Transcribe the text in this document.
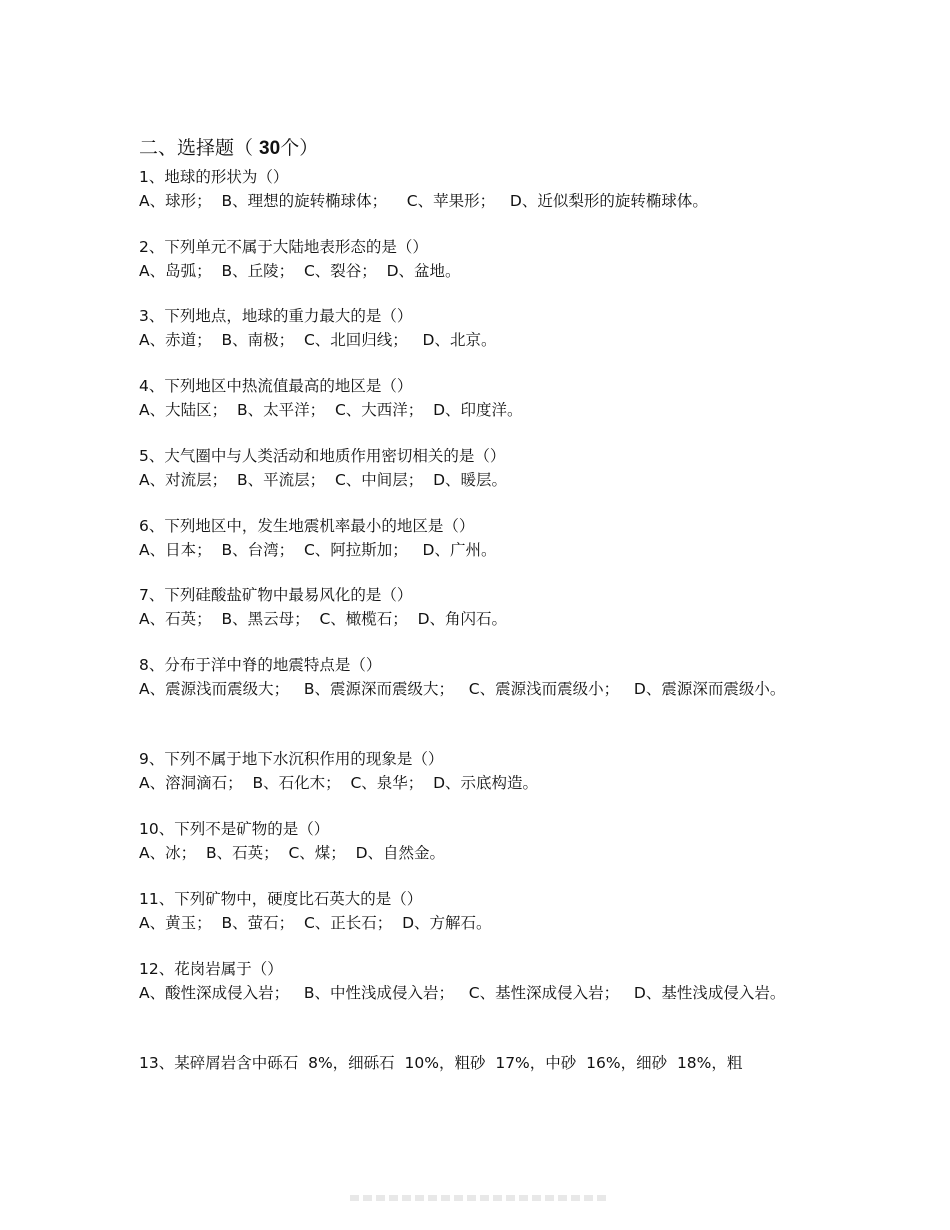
二、选择题（ 30个）
1、地球的形状为（）
A、球形；  B、理想的旋转椭球体；    C、苹果形；   D、近似梨形的旋转椭球体。
2、下列单元不属于大陆地表形态的是（）
A、岛弧；  B、丘陵；  C、裂谷；  D、盆地。
3、下列地点，地球的重力最大的是（）
A、赤道；  B、南极；  C、北回归线；   D、北京。
4、下列地区中热流值最高的地区是（）
A、大陆区；  B、太平洋；  C、大西洋；  D、印度洋。
5、大气圈中与人类活动和地质作用密切相关的是（）
A、对流层；  B、平流层；  C、中间层；  D、暖层。
6、下列地区中，发生地震机率最小的地区是（）
A、日本；  B、台湾；  C、阿拉斯加；   D、广州。
7、下列硅酸盐矿物中最易风化的是（）
A、石英；  B、黑云母；  C、橄榄石；  D、角闪石。
8、分布于洋中脊的地震特点是（）
A、震源浅而震级大；   B、震源深而震级大；   C、震源浅而震级小；   D、震源深而震级小。
9、下列不属于地下水沉积作用的现象是（）
A、溶洞滴石；  B、石化木；  C、泉华；  D、示底构造。
10、下列不是矿物的是（）
A、冰；  B、石英；  C、煤；  D、自然金。
11、下列矿物中，硬度比石英大的是（）
A、黄玉；  B、萤石；  C、正长石；  D、方解石。
12、花岗岩属于（）
A、酸性深成侵入岩；   B、中性浅成侵入岩；   C、基性深成侵入岩；   D、基性浅成侵入岩。
13、某碎屑岩含中砾石  8%，细砾石  10%，粗砂  17%，中砂  16%，细砂  18%，粗
